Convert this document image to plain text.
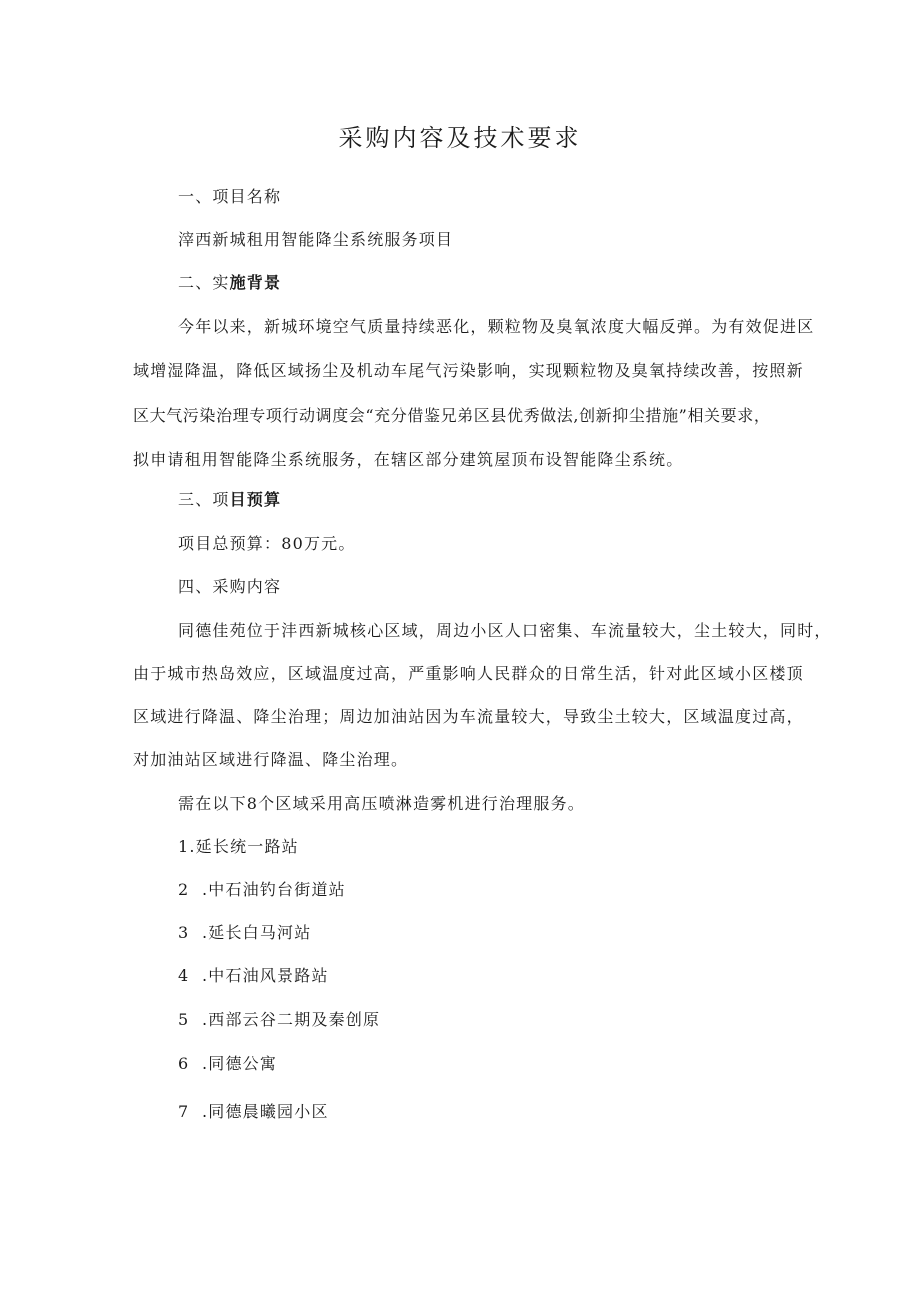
采购内容及技术要求
一、项目名称
滓西新城租用智能降尘系统服务项目
二、实施背景
今年以来，新城环境空气质量持续恶化，颗粒物及臭氧浓度大幅反弹。为有效促进区
域增湿降温，降低区域扬尘及机动车尾气污染影响，实现颗粒物及臭氧持续改善，按照新
区大气污染治理专项行动调度会“充分借鉴兄弟区县优秀做法,创新抑尘措施”相关要求，
拟申请租用智能降尘系统服务，在辖区部分建筑屋顶布设智能降尘系统。
三、项目预算
项目总预算：80万元。
四、采购内容
同德佳苑位于沣西新城核心区域，周边小区人口密集、车流量较大，尘土较大，同时，
由于城市热岛效应，区域温度过高，严重影响人民群众的日常生活，针对此区域小区楼顶
区域进行降温、降尘治理；周边加油站因为车流量较大，导致尘土较大，区域温度过高，
对加油站区域进行降温、降尘治理。
需在以下8个区域采用高压喷淋造雾机进行治理服务。
1.延长统一路站
2  .中石油钓台街道站
3  .延长白马河站
4  .中石油风景路站
5  .西部云谷二期及秦创原
6  .同德公寓
7  .同德晨曦园小区
